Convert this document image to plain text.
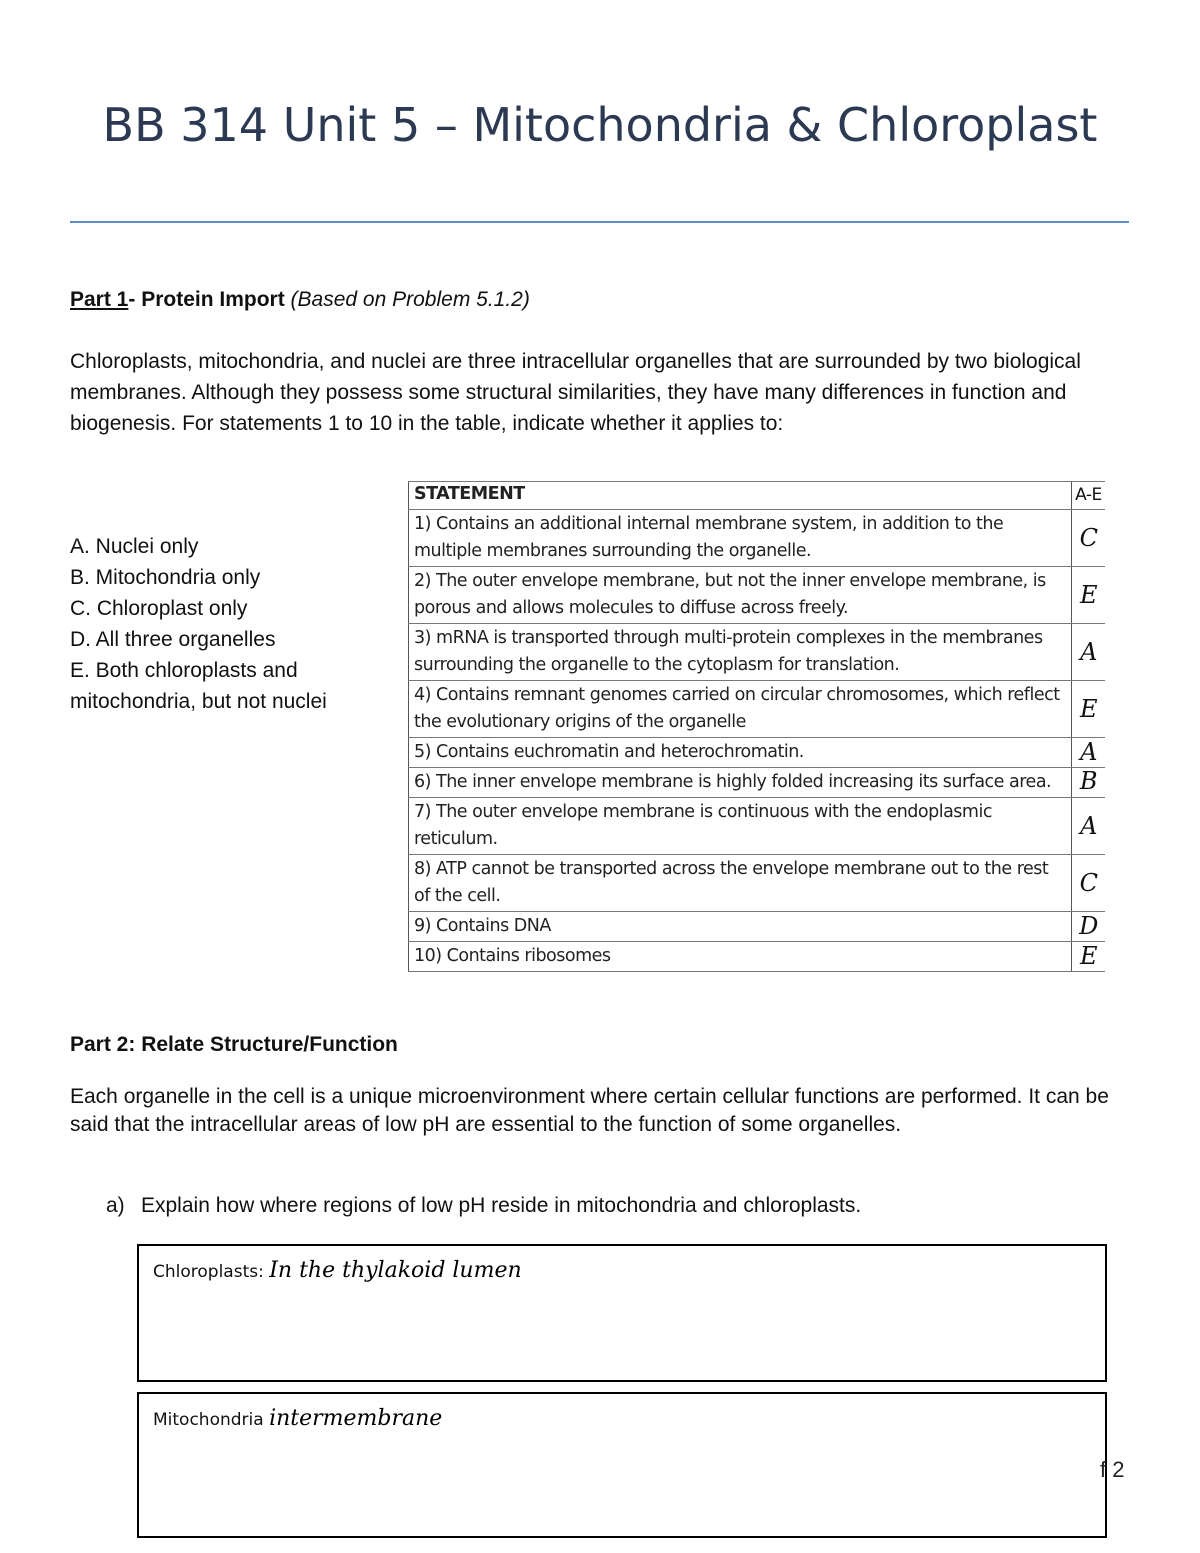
BB 314 Unit 5 – Mitochondria & Chloroplast
Part 1- Protein Import (Based on Problem 5.1.2)
Chloroplasts, mitochondria, and nuclei are three intracellular organelles that are surrounded by two biological membranes. Although they possess some structural similarities, they have many differences in function and biogenesis. For statements 1 to 10 in the table, indicate whether it applies to:
A. Nuclei only
B. Mitochondria only
C. Chloroplast only
D. All three organelles
E. Both chloroplasts and mitochondria, but not nuclei
STATEMENT	A-E
1) Contains an additional internal membrane system, in addition to the multiple membranes surrounding the organelle.	C
2) The outer envelope membrane, but not the inner envelope membrane, is porous and allows molecules to diffuse across freely.	E
3) mRNA is transported through multi-protein complexes in the membranes surrounding the organelle to the cytoplasm for translation.	A
4) Contains remnant genomes carried on circular chromosomes, which reflect the evolutionary origins of the organelle	E
5) Contains euchromatin and heterochromatin.	A
6) The inner envelope membrane is highly folded increasing its surface area.	B
7) The outer envelope membrane is continuous with the endoplasmic reticulum.	A
8) ATP cannot be transported across the envelope membrane out to the rest of the cell.	C
9) Contains DNA	D
10) Contains ribosomes	E
Part 2: Relate Structure/Function
Each organelle in the cell is a unique microenvironment where certain cellular functions are performed. It can be said that the intracellular areas of low pH are essential to the function of some organelles.
a) Explain how where regions of low pH reside in mitochondria and chloroplasts.
Chloroplasts: In the thylakoid lumen
Mitochondria intermembrane
f 2
